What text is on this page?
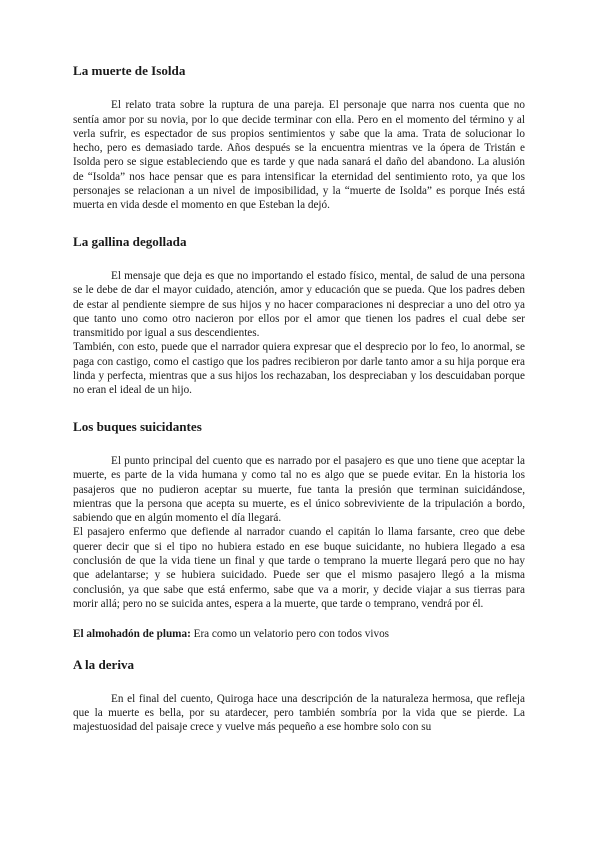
La muerte de Isolda

El relato trata sobre la ruptura de una pareja. El personaje que narra nos cuenta que no sentía amor por su novia, por lo que decide terminar con ella. Pero en el momento del término y al verla sufrir, es espectador de sus propios sentimientos y sabe que la ama. Trata de solucionar lo hecho, pero es demasiado tarde. Años después se la encuentra mientras ve la ópera de Tristán e Isolda pero se sigue estableciendo que es tarde y que nada sanará el daño del abandono. La alusión de “Isolda” nos hace pensar que es para intensificar la eternidad del sentimiento roto, ya que los personajes se relacionan a un nivel de imposibilidad, y la “muerte de Isolda” es porque Inés está muerta en vida desde el momento en que Esteban la dejó.

La gallina degollada

El mensaje que deja es que no importando el estado físico, mental, de salud de una persona se le debe de dar el mayor cuidado, atención, amor y educación que se pueda. Que los padres deben de estar al pendiente siempre de sus hijos y no hacer comparaciones ni despreciar a uno del otro ya que tanto uno como otro nacieron por ellos por el amor que tienen los padres el cual debe ser transmitido por igual a sus descendientes.

También, con esto, puede que el narrador quiera expresar que el desprecio por lo feo, lo anormal, se paga con castigo, como el castigo que los padres recibieron por darle tanto amor a su hija porque era linda y perfecta, mientras que a sus hijos los rechazaban, los despreciaban y los descuidaban porque no eran el ideal de un hijo.

Los buques suicidantes

El punto principal del cuento que es narrado por el pasajero es que uno tiene que aceptar la muerte, es parte de la vida humana y como tal no es algo que se puede evitar. En la historia los pasajeros que no pudieron aceptar su muerte, fue tanta la presión que terminan suicidándose, mientras que la persona que acepta su muerte, es el único sobreviviente de la tripulación a bordo, sabiendo que en algún momento el día llegará.

El pasajero enfermo que defiende al narrador cuando el capitán lo llama farsante, creo que debe querer decir que si el tipo no hubiera estado en ese buque suicidante, no hubiera llegado a esa conclusión de que la vida tiene un final y que tarde o temprano la muerte llegará pero que no hay que adelantarse; y se hubiera suicidado. Puede ser que el mismo pasajero llegó a la misma conclusión, ya que sabe que está enfermo, sabe que va a morir, y decide viajar a sus tierras para morir allá; pero no se suicida antes, espera a la muerte, que tarde o temprano, vendrá por él.

El almohadón de pluma: Era como un velatorio pero con todos vivos

A la deriva

En el final del cuento, Quiroga hace una descripción de la naturaleza hermosa, que refleja que la muerte es bella, por su atardecer, pero también sombría por la vida que se pierde. La majestuosidad del paisaje crece y vuelve más pequeño a ese hombre solo con su
